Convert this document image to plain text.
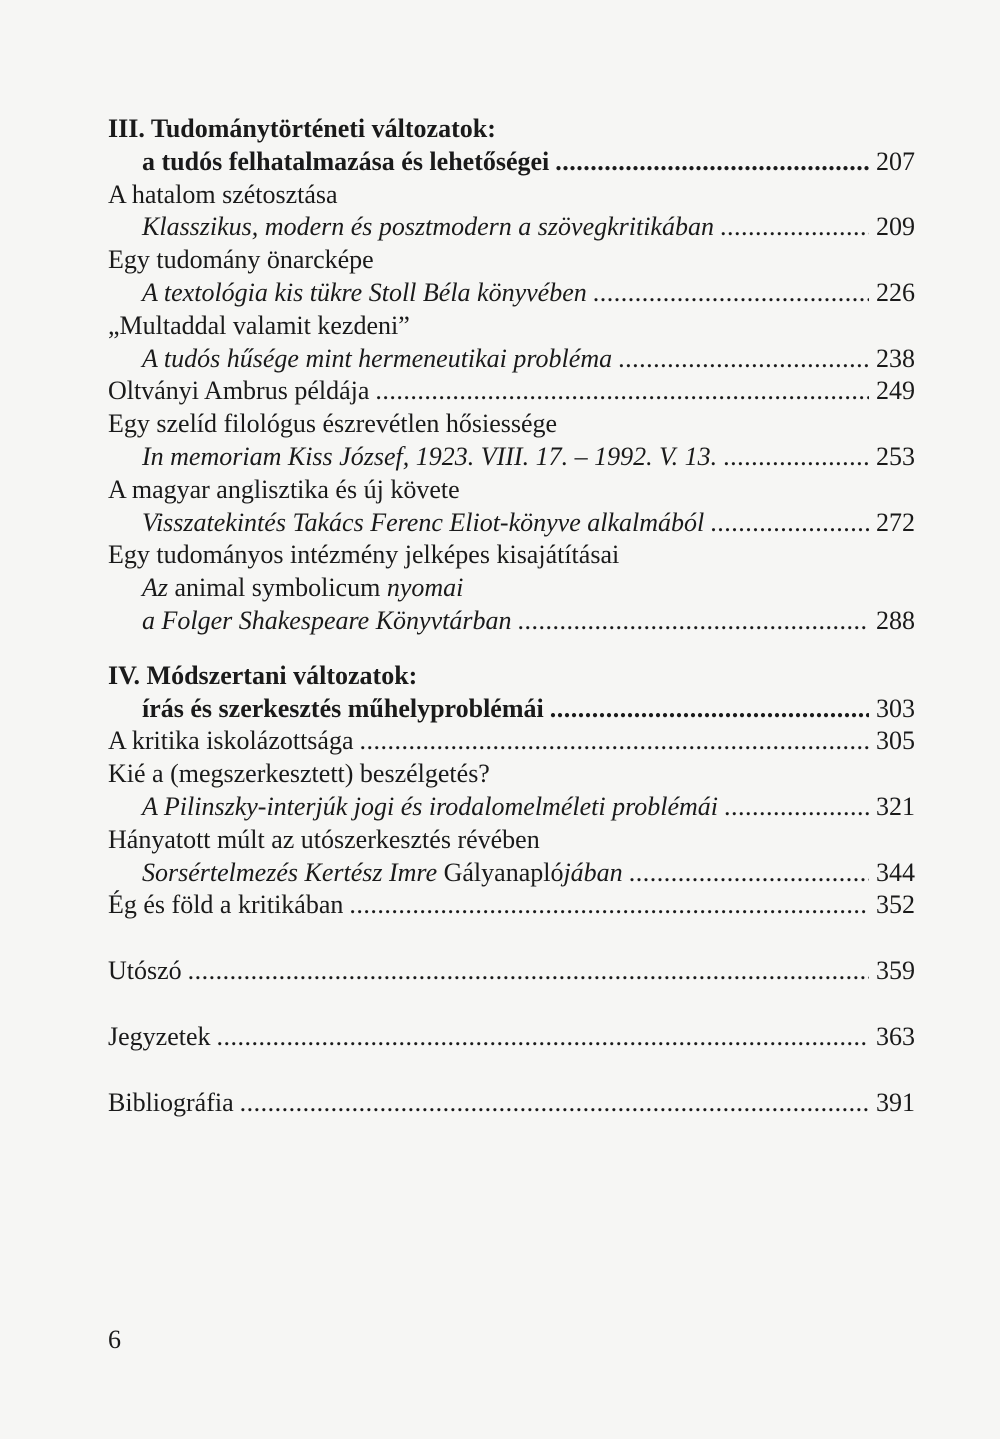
III. Tudománytörténeti változatok:
a tudós felhatalmazása és lehetőségei .....	207
A hatalom szétosztása
Klasszikus, modern és posztmodern a szövegkritikában .....	209
Egy tudomány önarcképe
A textológia kis tükre Stoll Béla könyvében .....	226
„Multaddal valamit kezdeni”
A tudós hűsége mint hermeneutikai probléma .....	238
Oltványi Ambrus példája .....	249
Egy szelíd filológus észrevétlen hősiessége
In memoriam Kiss József, 1923. VIII. 17. – 1992. V. 13. .....	253
A magyar anglisztika és új követe
Visszatekintés Takács Ferenc Eliot-könyve alkalmából .....	272
Egy tudományos intézmény jelképes kisajátításai
Az animal symbolicum nyomai
a Folger Shakespeare Könyvtárban .....	288
IV. Módszertani változatok:
írás és szerkesztés műhelyproblémái .....	303
A kritika iskolázottsága .....	305
Kié a (megszerkesztett) beszélgetés?
A Pilinszky-interjúk jogi és irodalomelméleti problémái .....	321
Hányatott múlt az utószerkesztés révében
Sorsértelmezés Kertész Imre Gályanaplójában .....	344
Ég és föld a kritikában .....	352
Utószó .....	359
Jegyzetek .....	363
Bibliográfia .....	391
6
